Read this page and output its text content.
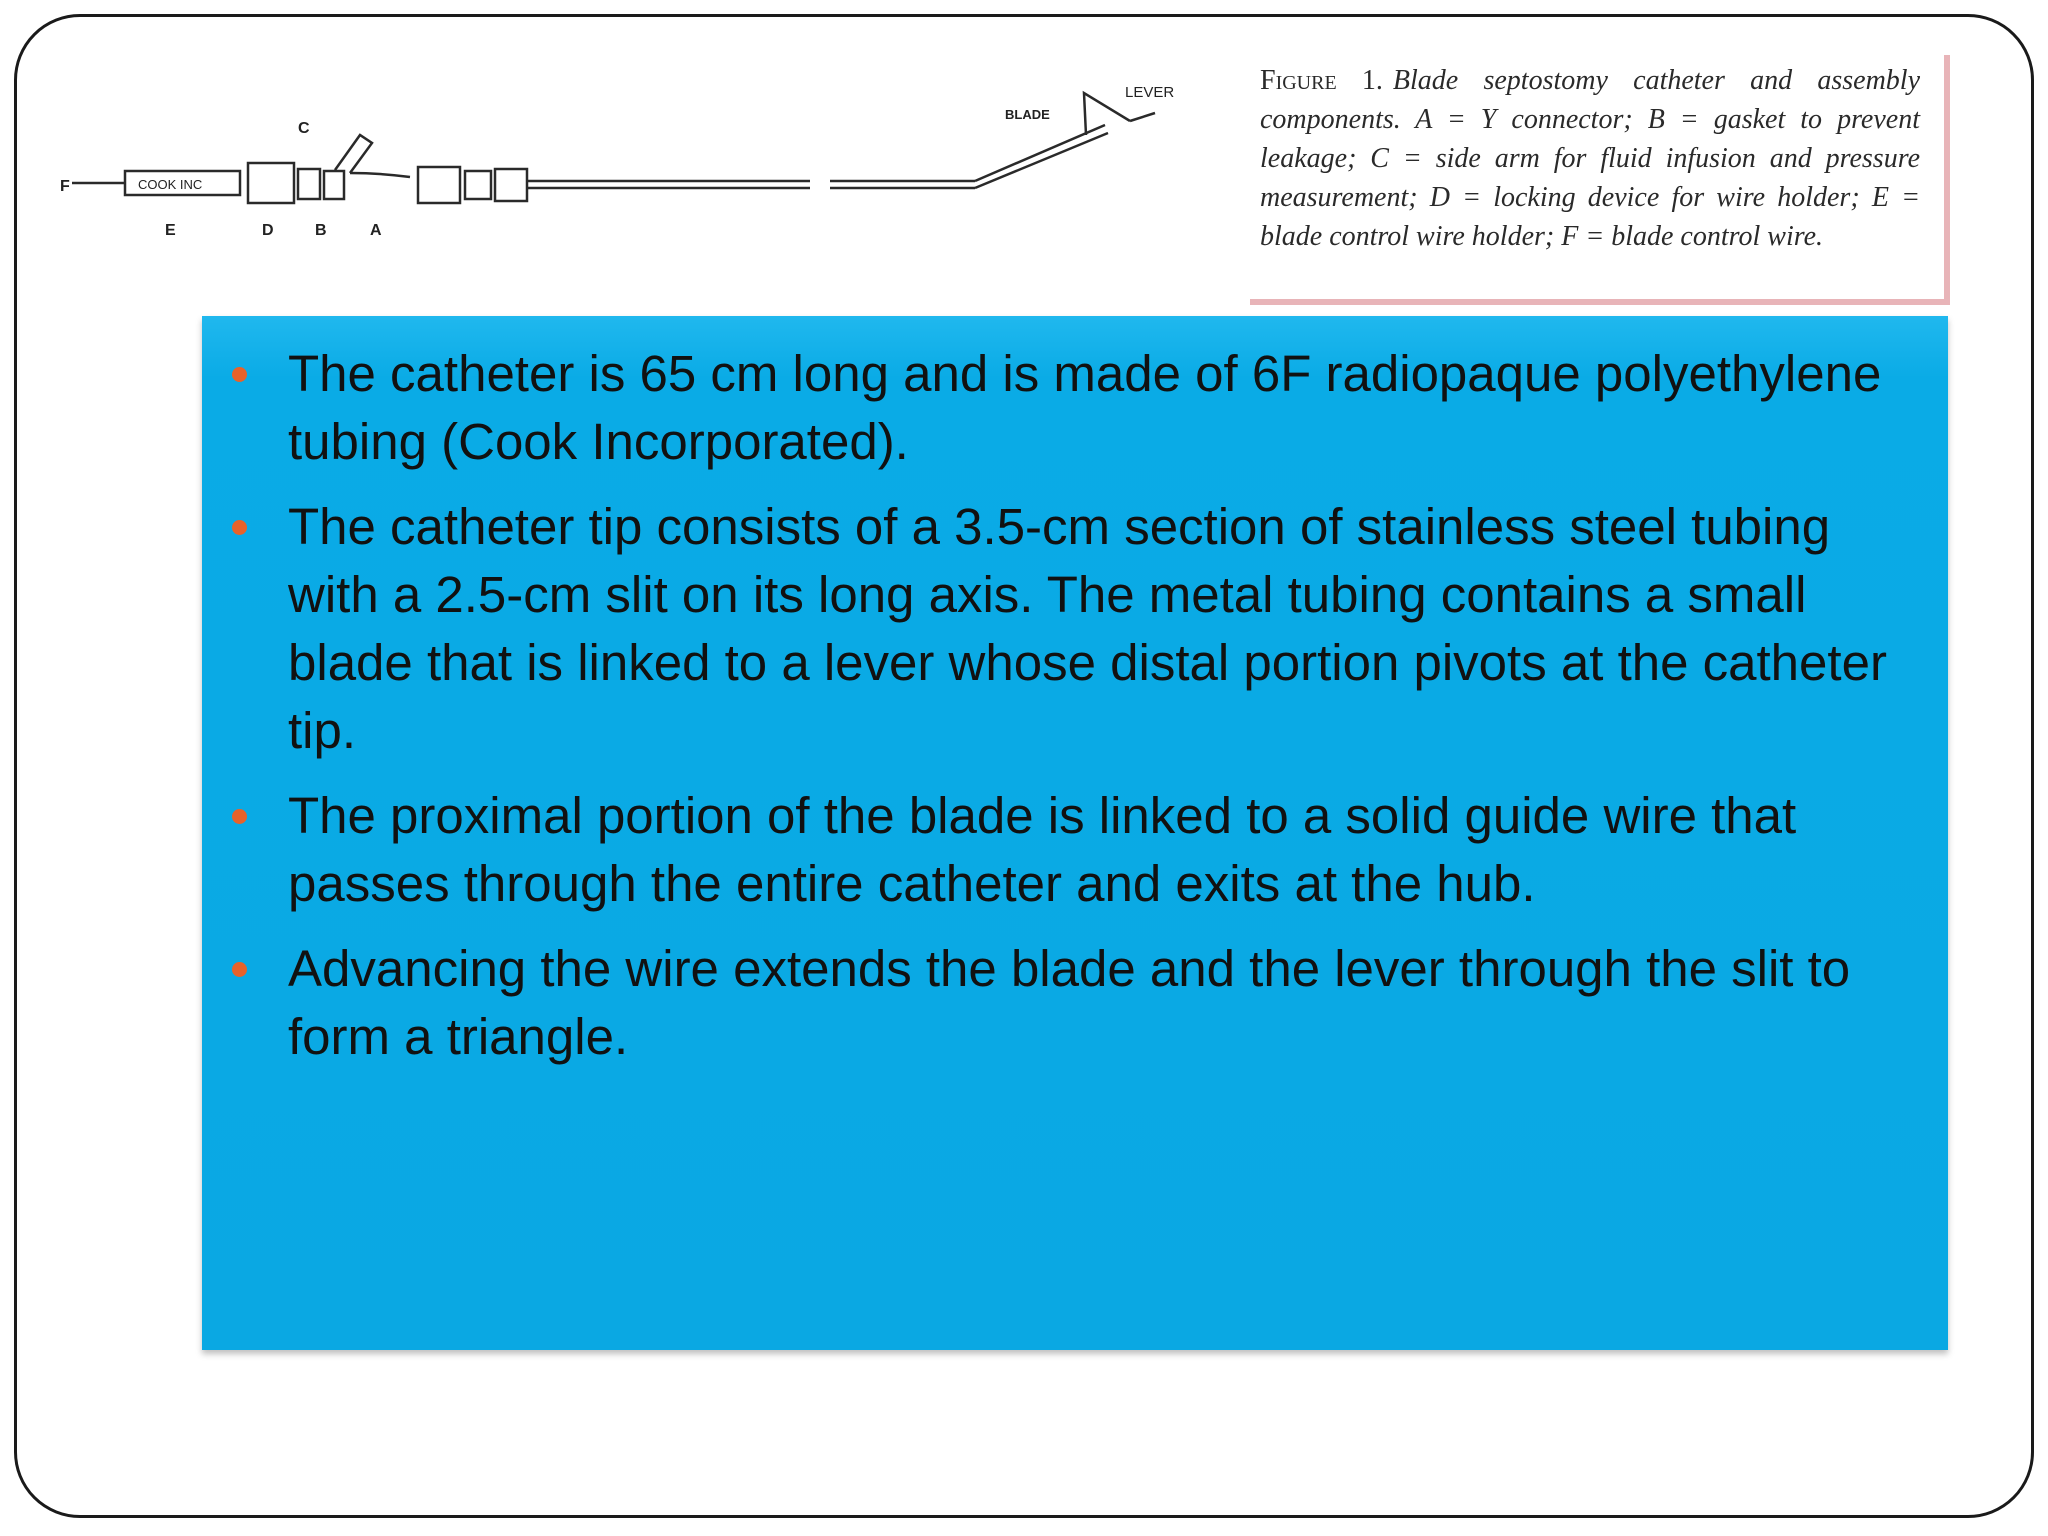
F	COOK INC
E	D	B	A
C
BLADE
LEVER	Figure 1. Blade septostomy catheter and assembly components. A = Y connector; B = gasket to prevent leakage; C = side arm for fluid infusion and pressure measurement; D = locking device for wire holder; E = blade control wire holder; F = blade control wire.
The catheter is 65 cm long and is made of 6F radiopaque polyethylene tubing (Cook Incorporated).
The catheter tip consists of a 3.5-cm section of stainless steel tubing with a 2.5-cm slit on its long axis. The metal tubing contains a small blade that is linked to a lever whose distal portion pivots at the catheter tip.
The proximal portion of the blade is linked to a solid guide wire that passes through the entire catheter and exits at the hub.
Advancing the wire extends the blade and the lever through the slit to form a triangle.
